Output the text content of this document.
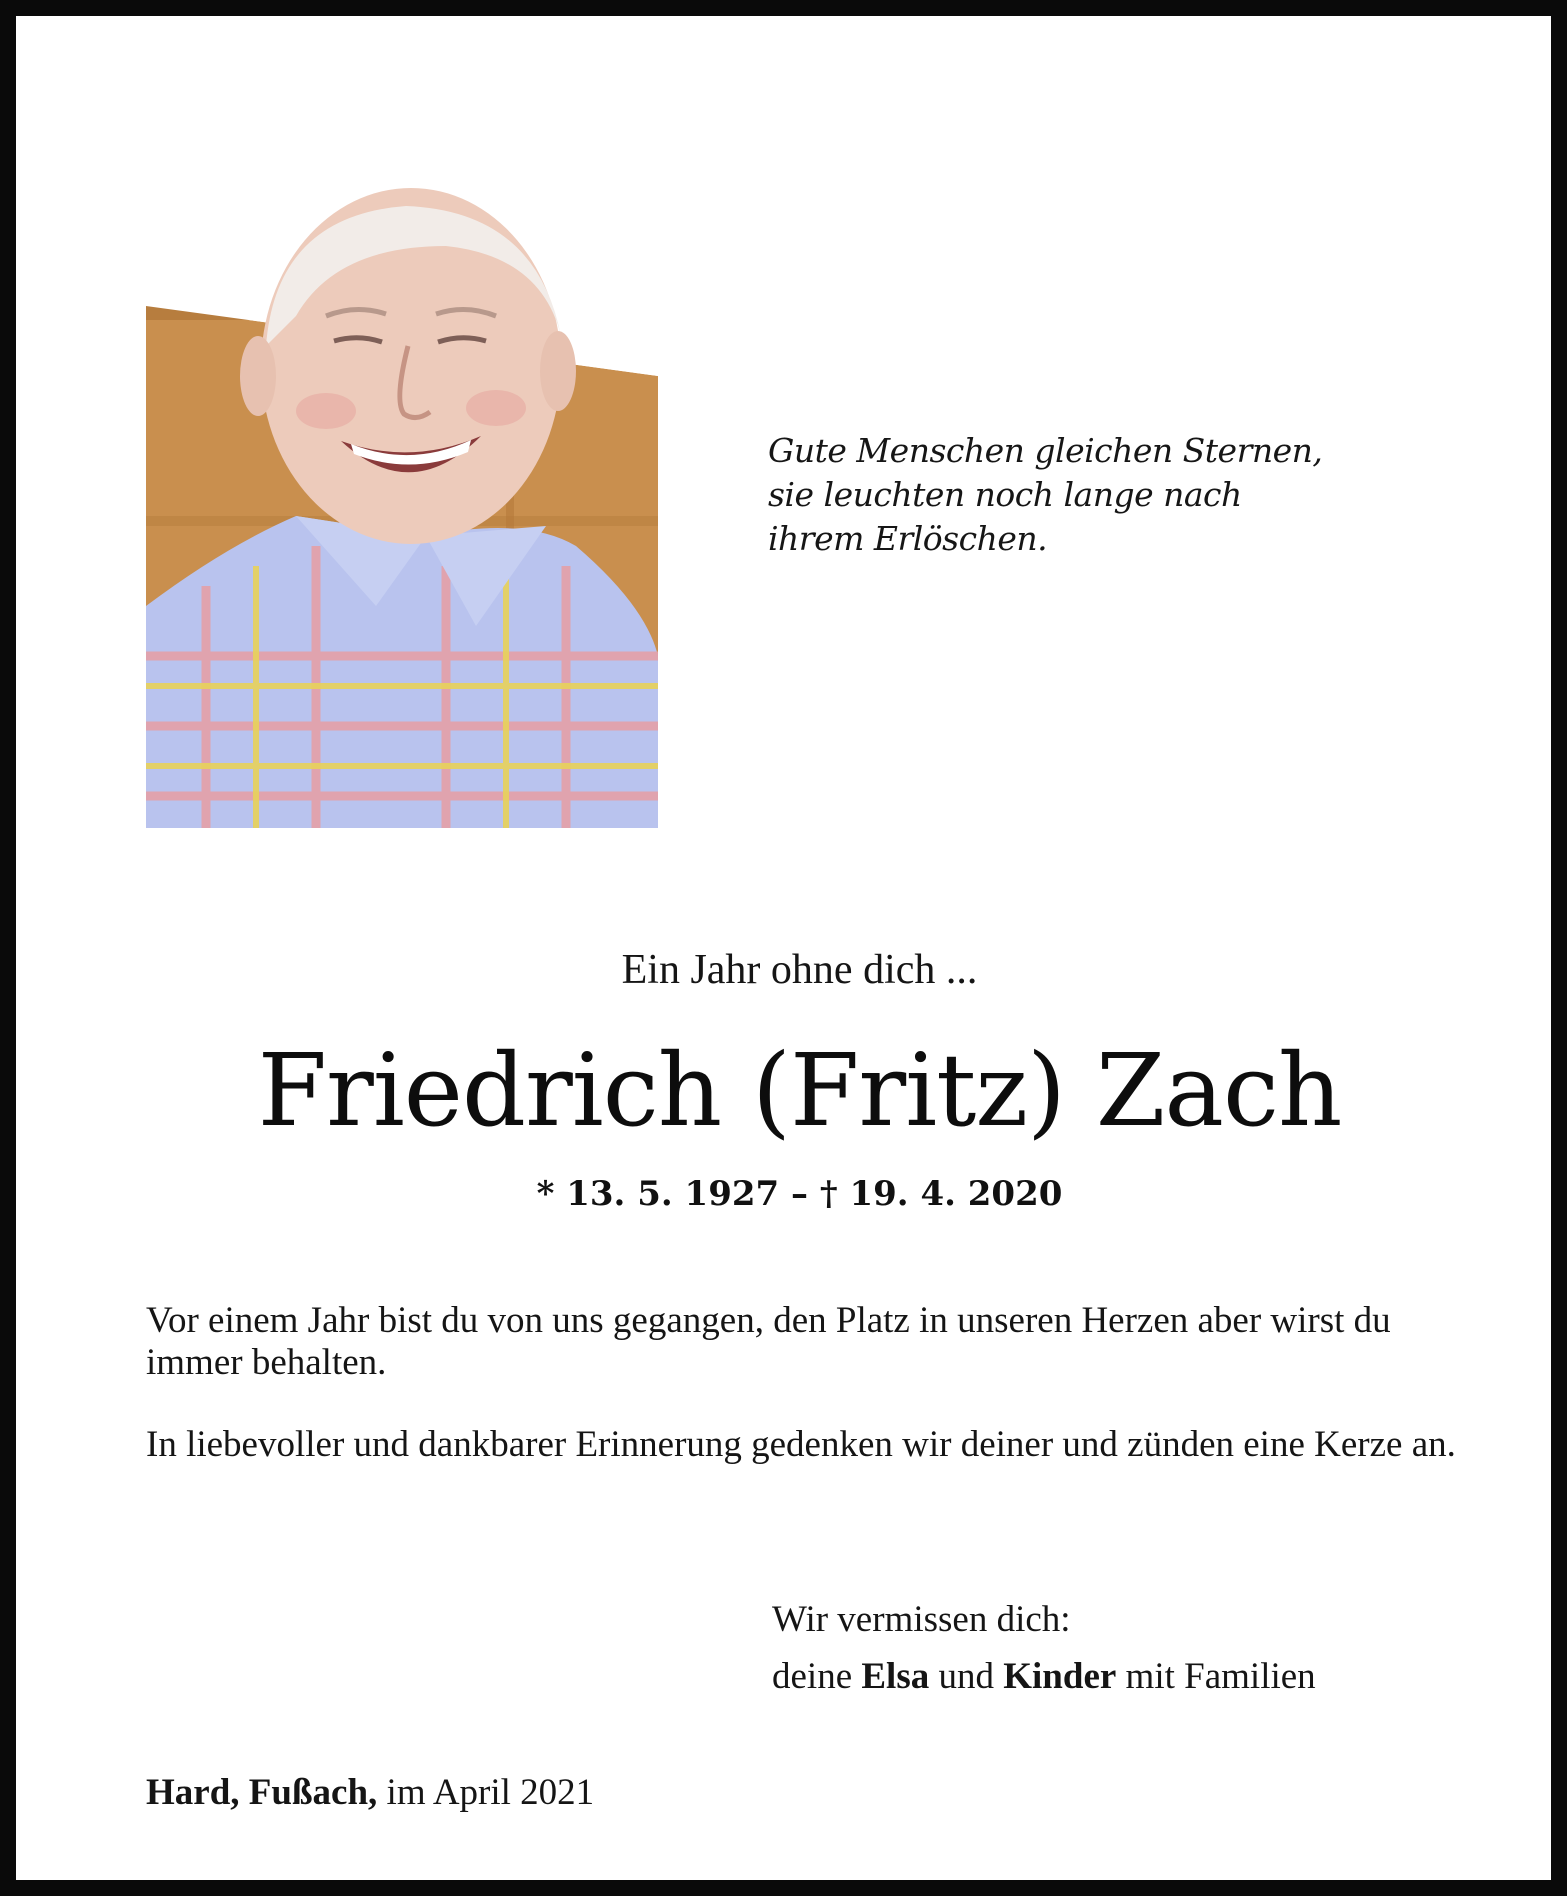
Gute Menschen gleichen Sternen,
sie leuchten noch lange nach
ihrem Erlöschen.
Ein Jahr ohne dich ...
Friedrich (Fritz) Zach
* 13. 5. 1927 – † 19. 4. 2020
Vor einem Jahr bist du von uns gegangen, den Platz in unseren Herzen aber wirst du immer behalten.
In liebevoller und dankbarer Erinnerung gedenken wir deiner und zünden eine Kerze an.
Wir vermissen dich:
deine Elsa und Kinder mit Familien
Hard, Fußach, im April 2021
